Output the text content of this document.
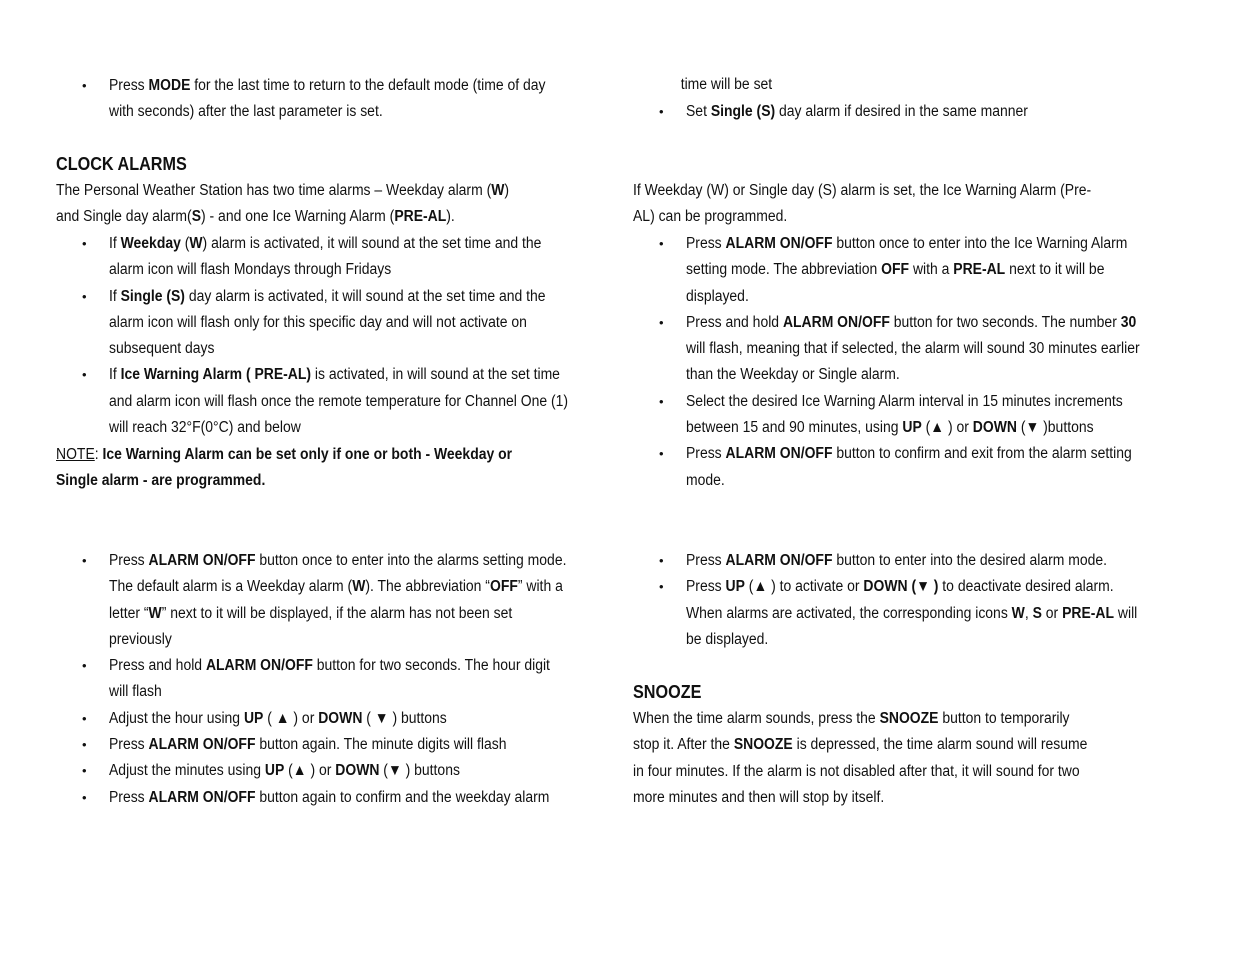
• Press MODE for the last time to return to the default mode (time of day with seconds) after the last parameter is set.
CLOCK ALARMS

The Personal Weather Station has two time alarms – Weekday alarm (W) and Single day alarm(S) - and one Ice Warning Alarm (PRE-AL).

• If Weekday (W) alarm is activated, it will sound at the set time and the alarm icon will flash Mondays through Fridays
• If Single (S) day alarm is activated, it will sound at the set time and the alarm icon will flash only for this specific day and will not activate on subsequent days
• If Ice Warning Alarm ( PRE-AL) is activated, in will sound at the set time and alarm icon will flash once the remote temperature for Channel One (1) will reach 32°F(0°C) and below

NOTE: Ice Warning Alarm can be set only if one or both - Weekday or Single alarm - are programmed.

• Press ALARM ON/OFF button once to enter into the alarms setting mode. The default alarm is a Weekday alarm (W). The abbreviation “OFF” with a letter “W” next to it will be displayed, if the alarm has not been set previously
• Press and hold ALARM ON/OFF button for two seconds. The hour digit will flash
• Adjust the hour using UP ( ▲ ) or DOWN ( ▼ ) buttons
• Press ALARM ON/OFF button again. The minute digits will flash
• Adjust the minutes using UP (▲ ) or DOWN (▼ ) buttons
• Press ALARM ON/OFF button again to confirm and the weekday alarm

time will be set

• Set Single (S) day alarm if desired in the same manner

If Weekday (W) or Single day (S) alarm is set, the Ice Warning Alarm (Pre-AL) can be programmed.

• Press ALARM ON/OFF button once to enter into the Ice Warning Alarm setting mode. The abbreviation OFF with a PRE-AL next to it will be displayed.
• Press and hold ALARM ON/OFF button for two seconds. The number 30 will flash, meaning that if selected, the alarm will sound 30 minutes earlier than the Weekday or Single alarm.
• Select the desired Ice Warning Alarm interval in 15 minutes increments between 15 and 90 minutes, using UP (▲ ) or DOWN (▼ )buttons
• Press ALARM ON/OFF button to confirm and exit from the alarm setting mode.
• Press ALARM ON/OFF button to enter into the desired alarm mode.
• Press UP (▲ ) to activate or DOWN (▼ ) to deactivate desired alarm. When alarms are activated, the corresponding icons W, S or PRE-AL will be displayed.
SNOOZE

When the time alarm sounds, press the SNOOZE button to temporarily stop it. After the SNOOZE is depressed, the time alarm sound will resume in four minutes. If the alarm is not disabled after that, it will sound for two more minutes and then will stop by itself.
